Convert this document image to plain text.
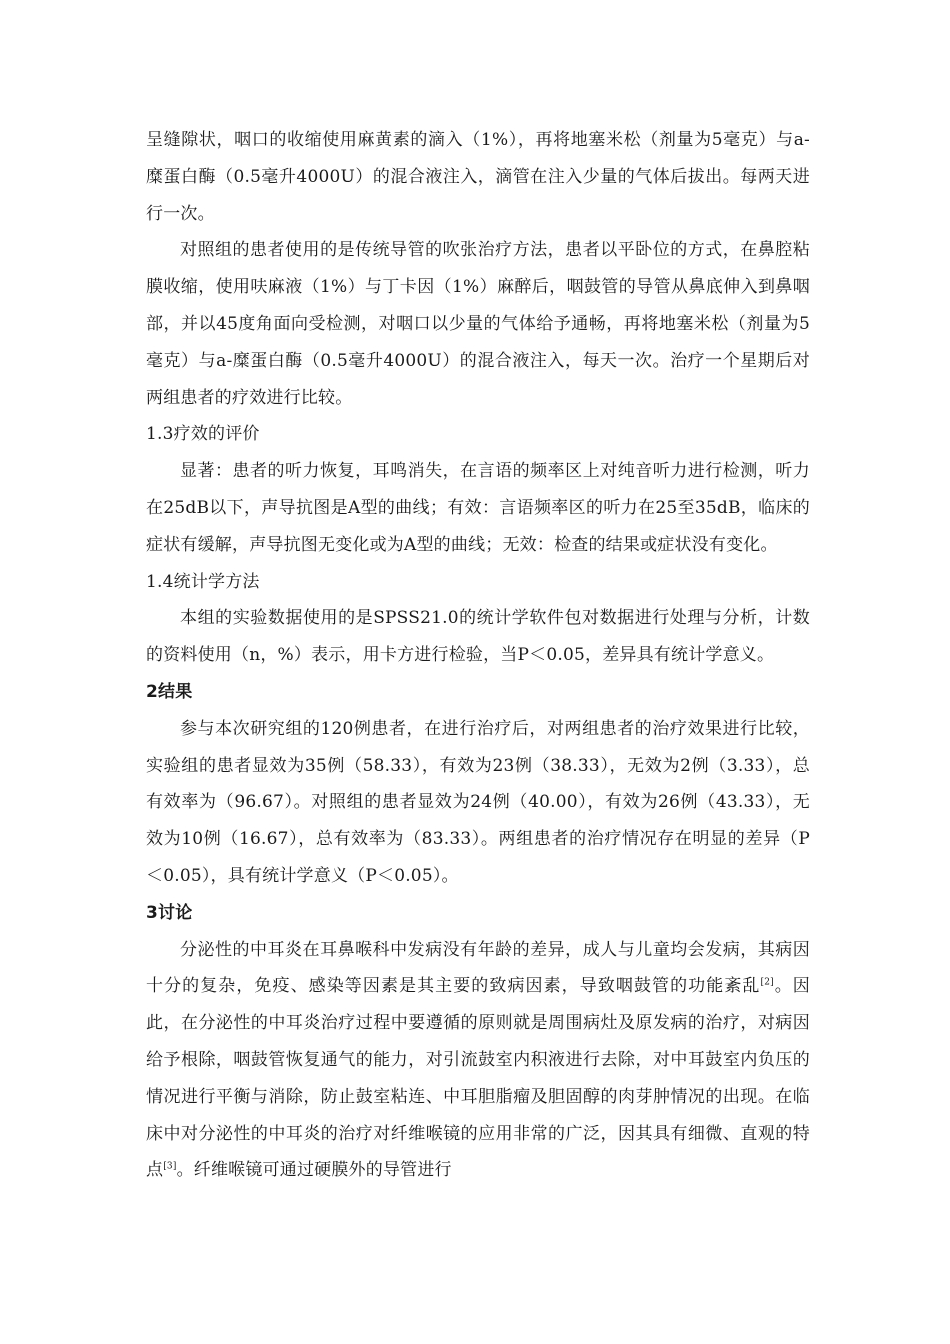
呈缝隙状，咽口的收缩使用麻黄素的滴入（1%），再将地塞米松（剂量为5毫克）与a-糜蛋白酶（0.5毫升4000U）的混合液注入，滴管在注入少量的气体后拔出。每两天进行一次。

对照组的患者使用的是传统导管的吹张治疗方法，患者以平卧位的方式，在鼻腔粘膜收缩，使用呋麻液（1%）与丁卡因（1%）麻醉后，咽鼓管的导管从鼻底伸入到鼻咽部，并以45度角面向受检测，对咽口以少量的气体给予通畅，再将地塞米松（剂量为5毫克）与a-糜蛋白酶（0.5毫升4000U）的混合液注入，每天一次。治疗一个星期后对两组患者的疗效进行比较。

1.3疗效的评价

显著：患者的听力恢复，耳鸣消失，在言语的频率区上对纯音听力进行检测，听力在25dB以下，声导抗图是A型的曲线；有效：言语频率区的听力在25至35dB，临床的症状有缓解，声导抗图无变化或为A型的曲线；无效：检查的结果或症状没有变化。

1.4统计学方法

本组的实验数据使用的是SPSS21.0的统计学软件包对数据进行处理与分析，计数的资料使用（n，%）表示，用卡方进行检验，当P＜0.05，差异具有统计学意义。

2结果

参与本次研究组的120例患者，在进行治疗后，对两组患者的治疗效果进行比较，实验组的患者显效为35例（58.33），有效为23例（38.33），无效为2例（3.33），总有效率为（96.67）。对照组的患者显效为24例（40.00），有效为26例（43.33），无效为10例（16.67），总有效率为（83.33）。两组患者的治疗情况存在明显的差异（P＜0.05），具有统计学意义（P＜0.05）。

3讨论

分泌性的中耳炎在耳鼻喉科中发病没有年龄的差异，成人与儿童均会发病，其病因十分的复杂，免疫、感染等因素是其主要的致病因素，导致咽鼓管的功能紊乱[2]。因此，在分泌性的中耳炎治疗过程中要遵循的原则就是周围病灶及原发病的治疗，对病因给予根除，咽鼓管恢复通气的能力，对引流鼓室内积液进行去除，对中耳鼓室内负压的情况进行平衡与消除，防止鼓室粘连、中耳胆脂瘤及胆固醇的肉芽肿情况的出现。在临床中对分泌性的中耳炎的治疗对纤维喉镜的应用非常的广泛，因其具有细微、直观的特点[3]。纤维喉镜可通过硬膜外的导管进行
